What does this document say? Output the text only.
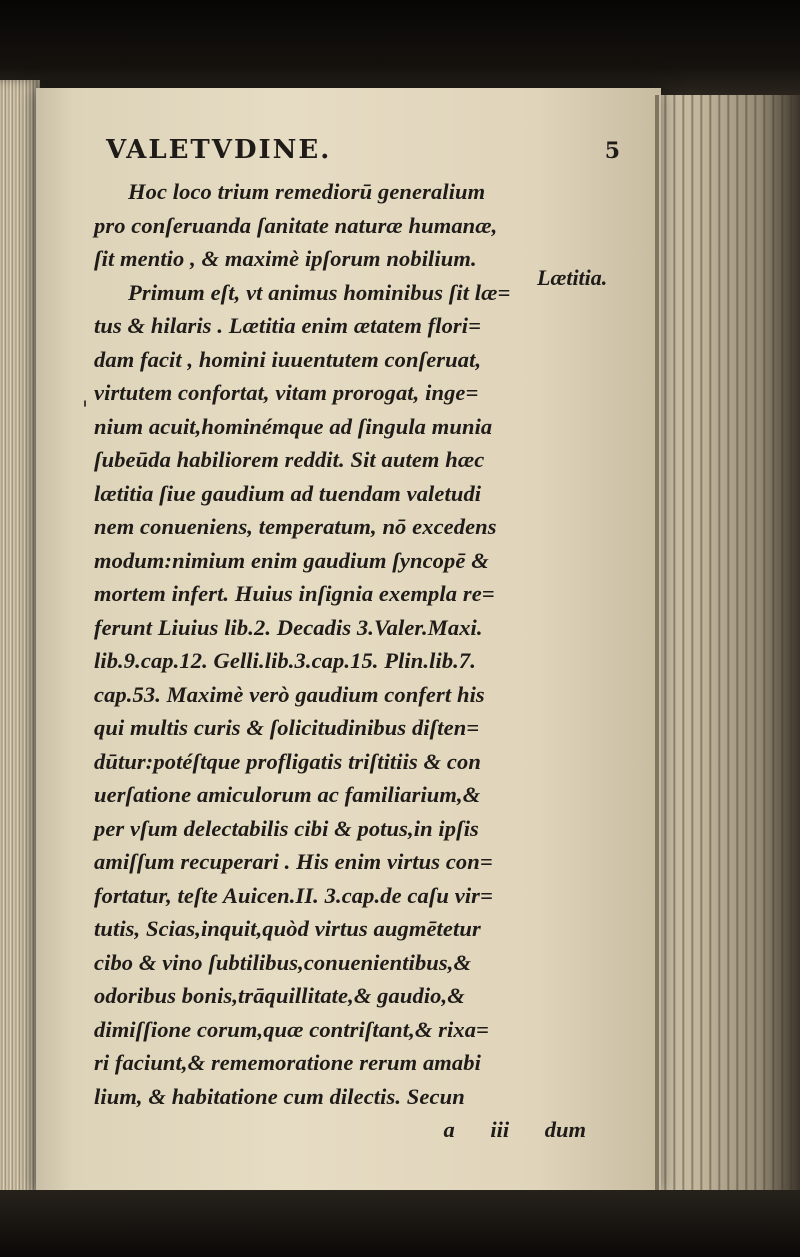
'
VALETVDINE.	5
Hoc loco trium remediorū generalium
pro conſeruanda ſanitate naturæ humanæ,
ſit mentio , & maximè ipſorum nobilium.
Primum eſt, vt animus hominibus ſit læ=
tus & hilaris . Lætitia enim ætatem flori=
dam facit , homini iuuentutem conſeruat,
virtutem confortat, vitam prorogat, inge=
nium acuit,hominémque ad ſingula munia
ſubeūda habiliorem reddit. Sit autem hæc
lætitia ſiue gaudium ad tuendam valetudi
nem conueniens, temperatum, nō excedens
modum:nimium enim gaudium ſyncopē &
mortem infert. Huius inſignia exempla re=
ferunt Liuius lib.2. Decadis 3.Valer.Maxi.
lib.9.cap.12. Gelli.lib.3.cap.15. Plin.lib.7.
cap.53. Maximè verò gaudium confert his
qui multis curis & ſolicitudinibus diſten=
dūtur:potéſtque profligatis triſtitiis & con
uerſatione amiculorum ac familiarium,&
per vſum delectabilis cibi & potus,in ipſis
amiſſum recuperari . His enim virtus con=
fortatur, teſte Auicen.II. 3.cap.de caſu vir=
tutis, Scias,inquit,quòd virtus augmētetur
cibo & vino ſubtilibus,conuenientibus,&
odoribus bonis,trāquillitate,& gaudio,&
dimiſſione corum,quæ contriſtant,& rixa=
ri faciunt,& rememoratione rerum amabi
lium, & habitatione cum dilectis. Secun
a iii dum
Lætitia.
